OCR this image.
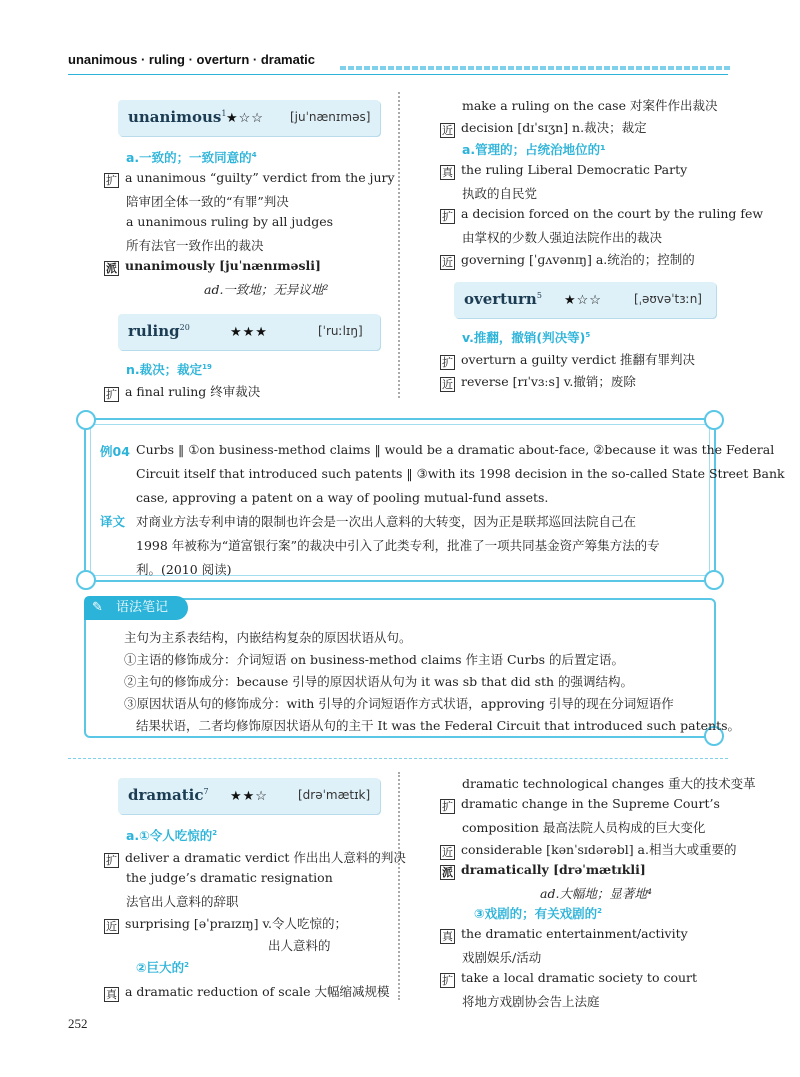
unanimous · ruling · overturn · dramatic
unanimous$^1$ ★☆☆ [juˈnænɪməs]
a.一致的；一致同意的$^4$
扩 a unanimous “guilty” verdict from the jury
陪审团全体一致的“有罪”判决
a unanimous ruling by all judges
所有法官一致作出的裁决
派 unanimously [juˈnænɪməsli]
ad.一致地；无异议地²
ruling$^{20}$	★★★	[ˈruːlɪŋ]
n.裁决；裁定$^{19}$
扩 a final ruling 终审裁决
make a ruling on the case 对案件作出裁决
近 decision [dɪˈsɪʒn] n.裁决；裁定
a.管理的；占统治地位的¹
真 the ruling Liberal Democratic Party
执政的自民党
扩 a decision forced on the court by the ruling few
由掌权的少数人强迫法院作出的裁决
近 governing [ˈɡʌvənɪŋ] a.统治的；控制的
overturn$^5$ ★☆☆	[ˌəʊvəˈtɜːn]
v.推翻，撤销(判决等)$^5$
扩 overturn a guilty verdict 推翻有罪判决
近 reverse [rɪˈvɜːs] v.撤销；废除
例04 Curbs ‖ ①on business-method claims ‖ would be a dramatic about-face, ②because it was the Federal
Circuit itself that introduced such patents ‖ ③with its 1998 decision in the so-called State Street Bank
case, approving a patent on a way of pooling mutual-fund assets.
译文 对商业方法专利申请的限制也许会是一次出人意料的大转变，因为正是联邦巡回法院自己在
1998 年被称为“道富银行案”的裁决中引入了此类专利，批准了一项共同基金资产筹集方法的专
利。(2010 阅读)
✎ 语法笔记
主句为主系表结构，内嵌结构复杂的原因状语从句。
①主语的修饰成分：介词短语 on business-method claims 作主语 Curbs 的后置定语。
②主句的修饰成分：because 引导的原因状语从句为 it was sb that did sth 的强调结构。
③原因状语从句的修饰成分：with 引导的介词短语作方式状语，approving 引导的现在分词短语作
结果状语，二者均修饰原因状语从句的主干 It was the Federal Circuit that introduced such patents。
dramatic$^7$ ★★☆	[drəˈmætɪk]
a.①令人吃惊的$^2$
扩 deliver a dramatic verdict 作出出人意料的判决
the judge’s dramatic resignation
法官出人意料的辞职
近 surprising [əˈpraɪzɪŋ] v.令人吃惊的；
出人意料的
②巨大的$^2$
真 a dramatic reduction of scale 大幅缩减规模
dramatic technological changes 重大的技术变革
扩 dramatic change in the Supreme Court’s
composition 最高法院人员构成的巨大变化
近 considerable [kənˈsɪdərəbl] a.相当大或重要的
派 dramatically [drəˈmætɪkli]
ad.大幅地；显著地⁴
③戏剧的；有关戏剧的$^2$
真 the dramatic entertainment/activity
戏剧娱乐/活动
扩 take a local dramatic society to court
将地方戏剧协会告上法庭
252
